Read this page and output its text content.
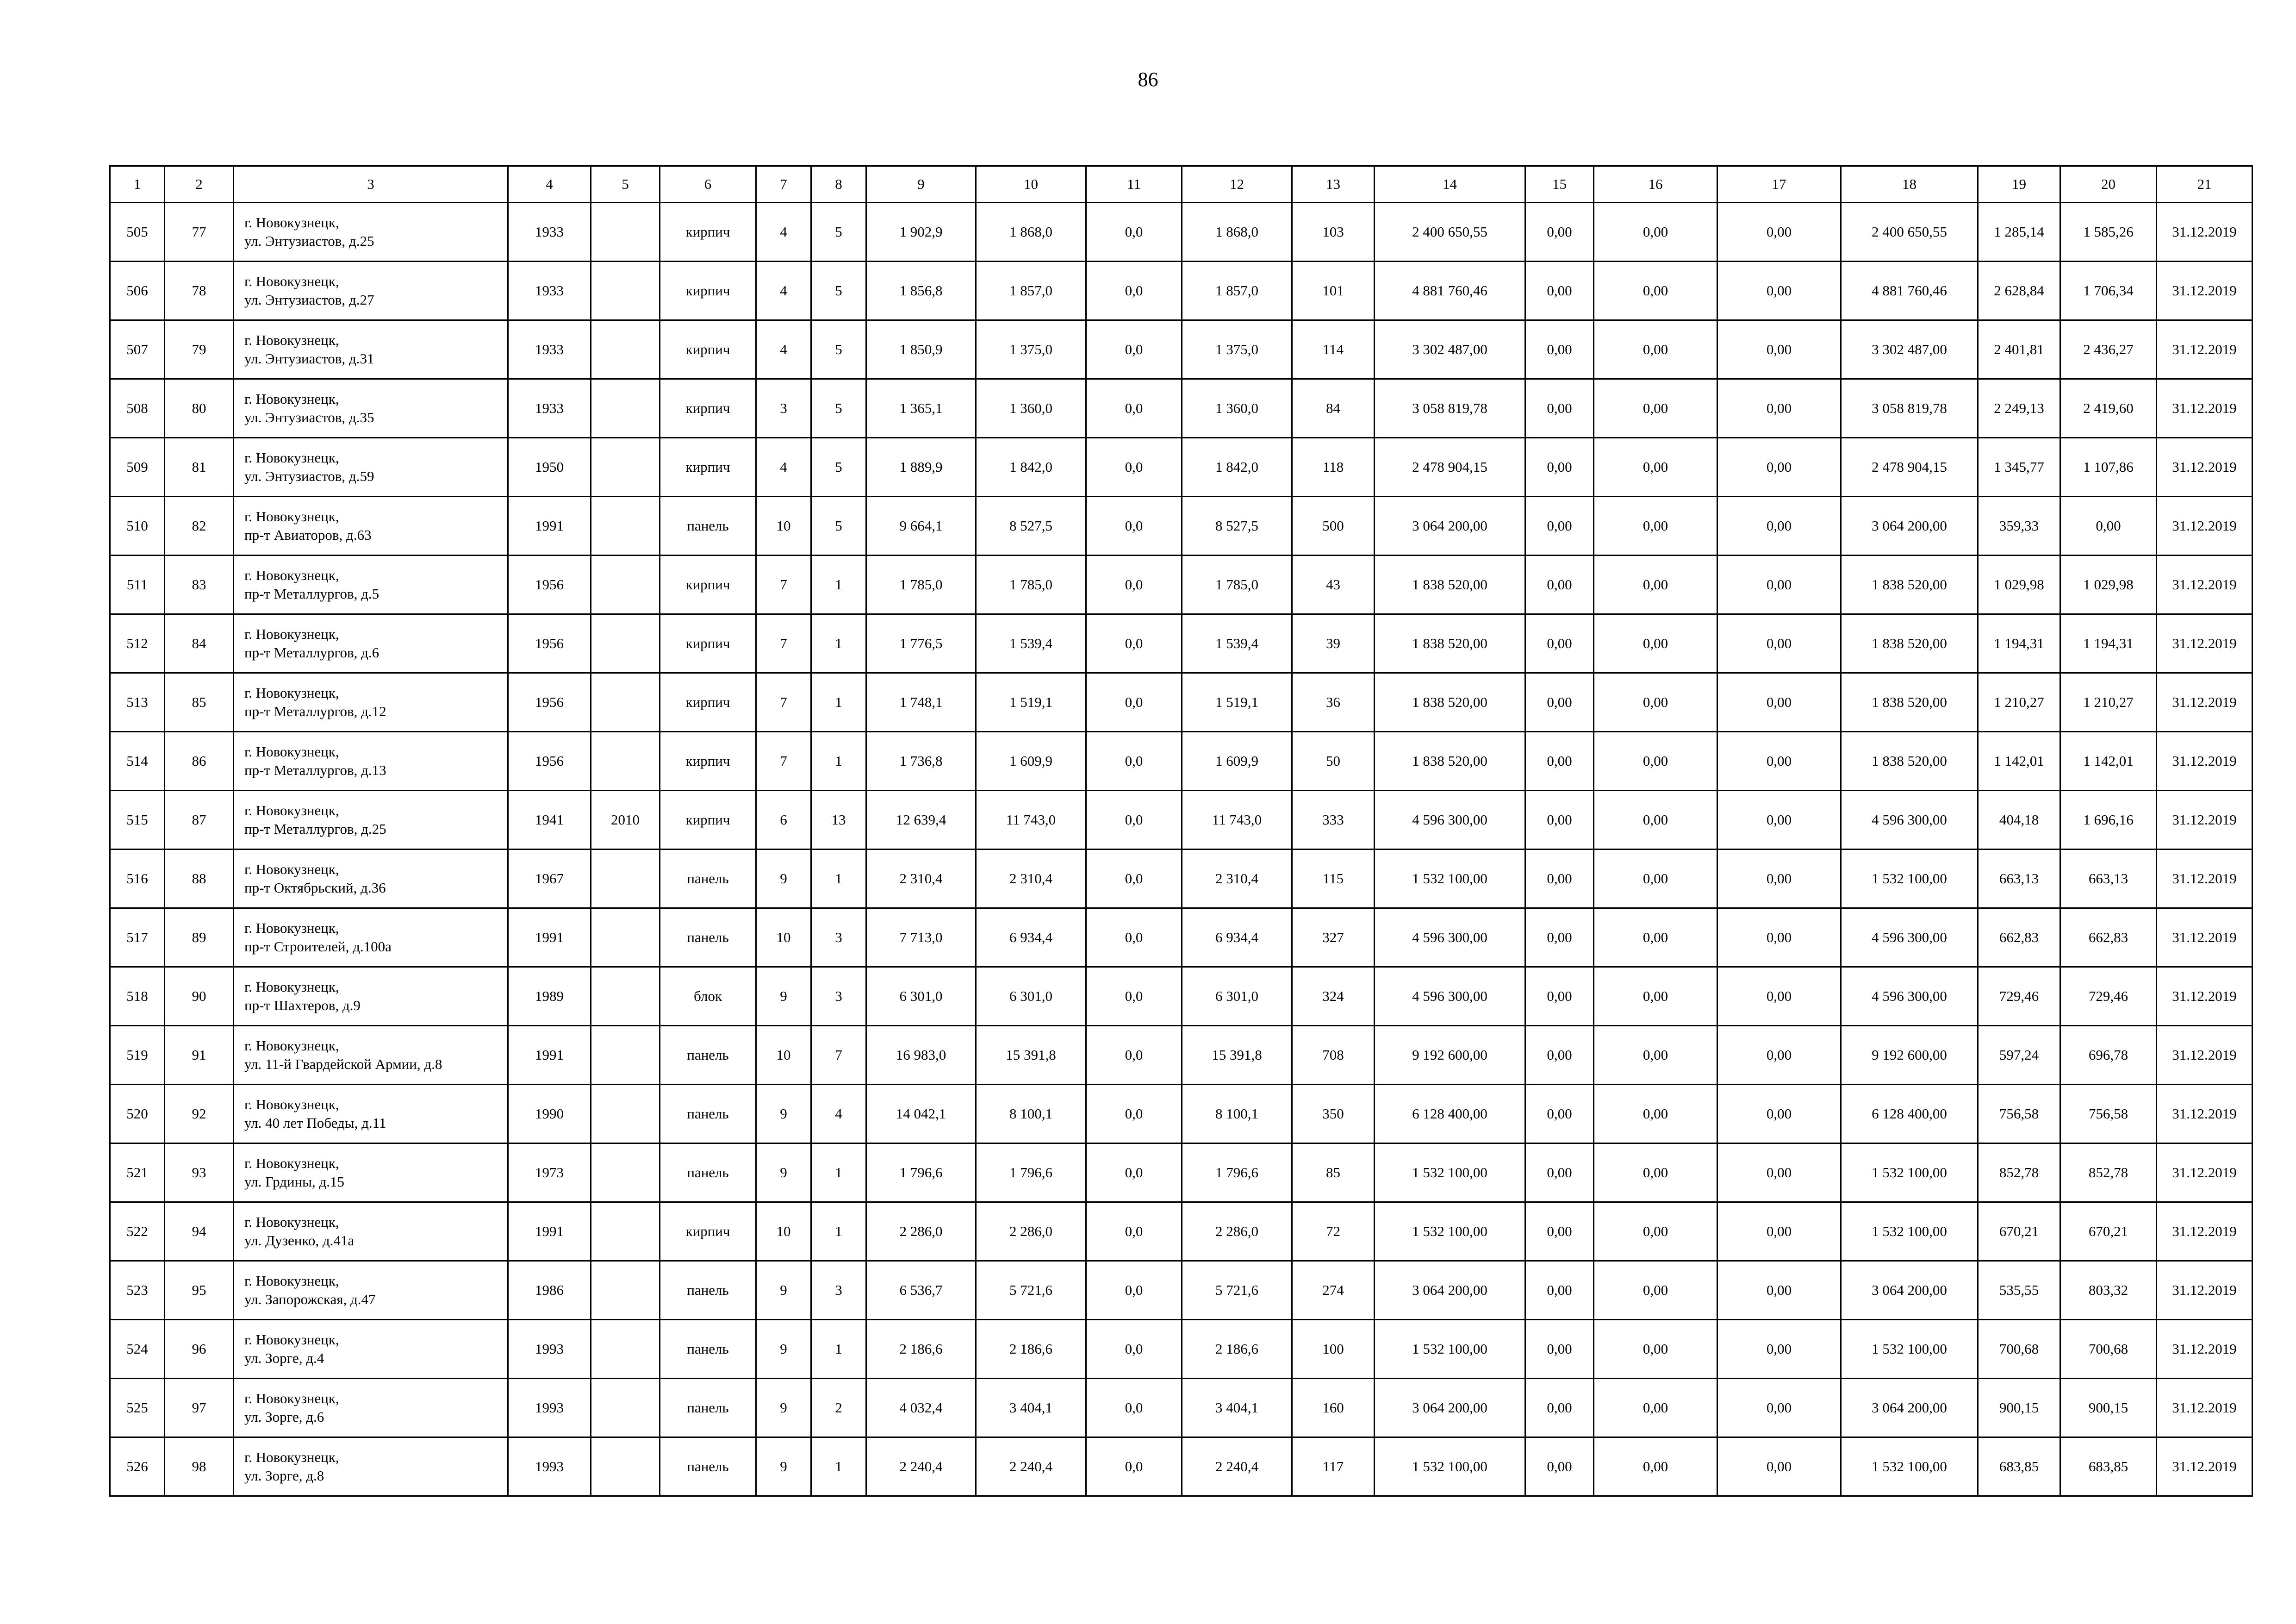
86
1	2	3	4	5	6	7	8	9	10	11	12	13	14	15	16	17	18	19	20	21
505	77	г. Новокузнецк,
ул. Энтузиастов, д.25	1933		кирпич	4	5	1 902,9	1 868,0	0,0	1 868,0	103	2 400 650,55	0,00	0,00	0,00	2 400 650,55	1 285,14	1 585,26	31.12.2019
506	78	г. Новокузнецк,
ул. Энтузиастов, д.27	1933		кирпич	4	5	1 856,8	1 857,0	0,0	1 857,0	101	4 881 760,46	0,00	0,00	0,00	4 881 760,46	2 628,84	1 706,34	31.12.2019
507	79	г. Новокузнецк,
ул. Энтузиастов, д.31	1933		кирпич	4	5	1 850,9	1 375,0	0,0	1 375,0	114	3 302 487,00	0,00	0,00	0,00	3 302 487,00	2 401,81	2 436,27	31.12.2019
508	80	г. Новокузнецк,
ул. Энтузиастов, д.35	1933		кирпич	3	5	1 365,1	1 360,0	0,0	1 360,0	84	3 058 819,78	0,00	0,00	0,00	3 058 819,78	2 249,13	2 419,60	31.12.2019
509	81	г. Новокузнецк,
ул. Энтузиастов, д.59	1950		кирпич	4	5	1 889,9	1 842,0	0,0	1 842,0	118	2 478 904,15	0,00	0,00	0,00	2 478 904,15	1 345,77	1 107,86	31.12.2019
510	82	г. Новокузнецк,
пр-т Авиаторов, д.63	1991		панель	10	5	9 664,1	8 527,5	0,0	8 527,5	500	3 064 200,00	0,00	0,00	0,00	3 064 200,00	359,33	0,00	31.12.2019
511	83	г. Новокузнецк,
пр-т Металлургов, д.5	1956		кирпич	7	1	1 785,0	1 785,0	0,0	1 785,0	43	1 838 520,00	0,00	0,00	0,00	1 838 520,00	1 029,98	1 029,98	31.12.2019
512	84	г. Новокузнецк,
пр-т Металлургов, д.6	1956		кирпич	7	1	1 776,5	1 539,4	0,0	1 539,4	39	1 838 520,00	0,00	0,00	0,00	1 838 520,00	1 194,31	1 194,31	31.12.2019
513	85	г. Новокузнецк,
пр-т Металлургов, д.12	1956		кирпич	7	1	1 748,1	1 519,1	0,0	1 519,1	36	1 838 520,00	0,00	0,00	0,00	1 838 520,00	1 210,27	1 210,27	31.12.2019
514	86	г. Новокузнецк,
пр-т Металлургов, д.13	1956		кирпич	7	1	1 736,8	1 609,9	0,0	1 609,9	50	1 838 520,00	0,00	0,00	0,00	1 838 520,00	1 142,01	1 142,01	31.12.2019
515	87	г. Новокузнецк,
пр-т Металлургов, д.25	1941	2010	кирпич	6	13	12 639,4	11 743,0	0,0	11 743,0	333	4 596 300,00	0,00	0,00	0,00	4 596 300,00	404,18	1 696,16	31.12.2019
516	88	г. Новокузнецк,
пр-т Октябрьский, д.36	1967		панель	9	1	2 310,4	2 310,4	0,0	2 310,4	115	1 532 100,00	0,00	0,00	0,00	1 532 100,00	663,13	663,13	31.12.2019
517	89	г. Новокузнецк,
пр-т Строителей, д.100а	1991		панель	10	3	7 713,0	6 934,4	0,0	6 934,4	327	4 596 300,00	0,00	0,00	0,00	4 596 300,00	662,83	662,83	31.12.2019
518	90	г. Новокузнецк,
пр-т Шахтеров, д.9	1989		блок	9	3	6 301,0	6 301,0	0,0	6 301,0	324	4 596 300,00	0,00	0,00	0,00	4 596 300,00	729,46	729,46	31.12.2019
519	91	г. Новокузнецк,
ул. 11-й Гвардейской Армии, д.8	1991		панель	10	7	16 983,0	15 391,8	0,0	15 391,8	708	9 192 600,00	0,00	0,00	0,00	9 192 600,00	597,24	696,78	31.12.2019
520	92	г. Новокузнецк,
ул. 40 лет Победы, д.11	1990		панель	9	4	14 042,1	8 100,1	0,0	8 100,1	350	6 128 400,00	0,00	0,00	0,00	6 128 400,00	756,58	756,58	31.12.2019
521	93	г. Новокузнецк,
ул. Грдины, д.15	1973		панель	9	1	1 796,6	1 796,6	0,0	1 796,6	85	1 532 100,00	0,00	0,00	0,00	1 532 100,00	852,78	852,78	31.12.2019
522	94	г. Новокузнецк,
ул. Дузенко, д.41а	1991		кирпич	10	1	2 286,0	2 286,0	0,0	2 286,0	72	1 532 100,00	0,00	0,00	0,00	1 532 100,00	670,21	670,21	31.12.2019
523	95	г. Новокузнецк,
ул. Запорожская, д.47	1986		панель	9	3	6 536,7	5 721,6	0,0	5 721,6	274	3 064 200,00	0,00	0,00	0,00	3 064 200,00	535,55	803,32	31.12.2019
524	96	г. Новокузнецк,
ул. Зорге, д.4	1993		панель	9	1	2 186,6	2 186,6	0,0	2 186,6	100	1 532 100,00	0,00	0,00	0,00	1 532 100,00	700,68	700,68	31.12.2019
525	97	г. Новокузнецк,
ул. Зорге, д.6	1993		панель	9	2	4 032,4	3 404,1	0,0	3 404,1	160	3 064 200,00	0,00	0,00	0,00	3 064 200,00	900,15	900,15	31.12.2019
526	98	г. Новокузнецк,
ул. Зорге, д.8	1993		панель	9	1	2 240,4	2 240,4	0,0	2 240,4	117	1 532 100,00	0,00	0,00	0,00	1 532 100,00	683,85	683,85	31.12.2019
